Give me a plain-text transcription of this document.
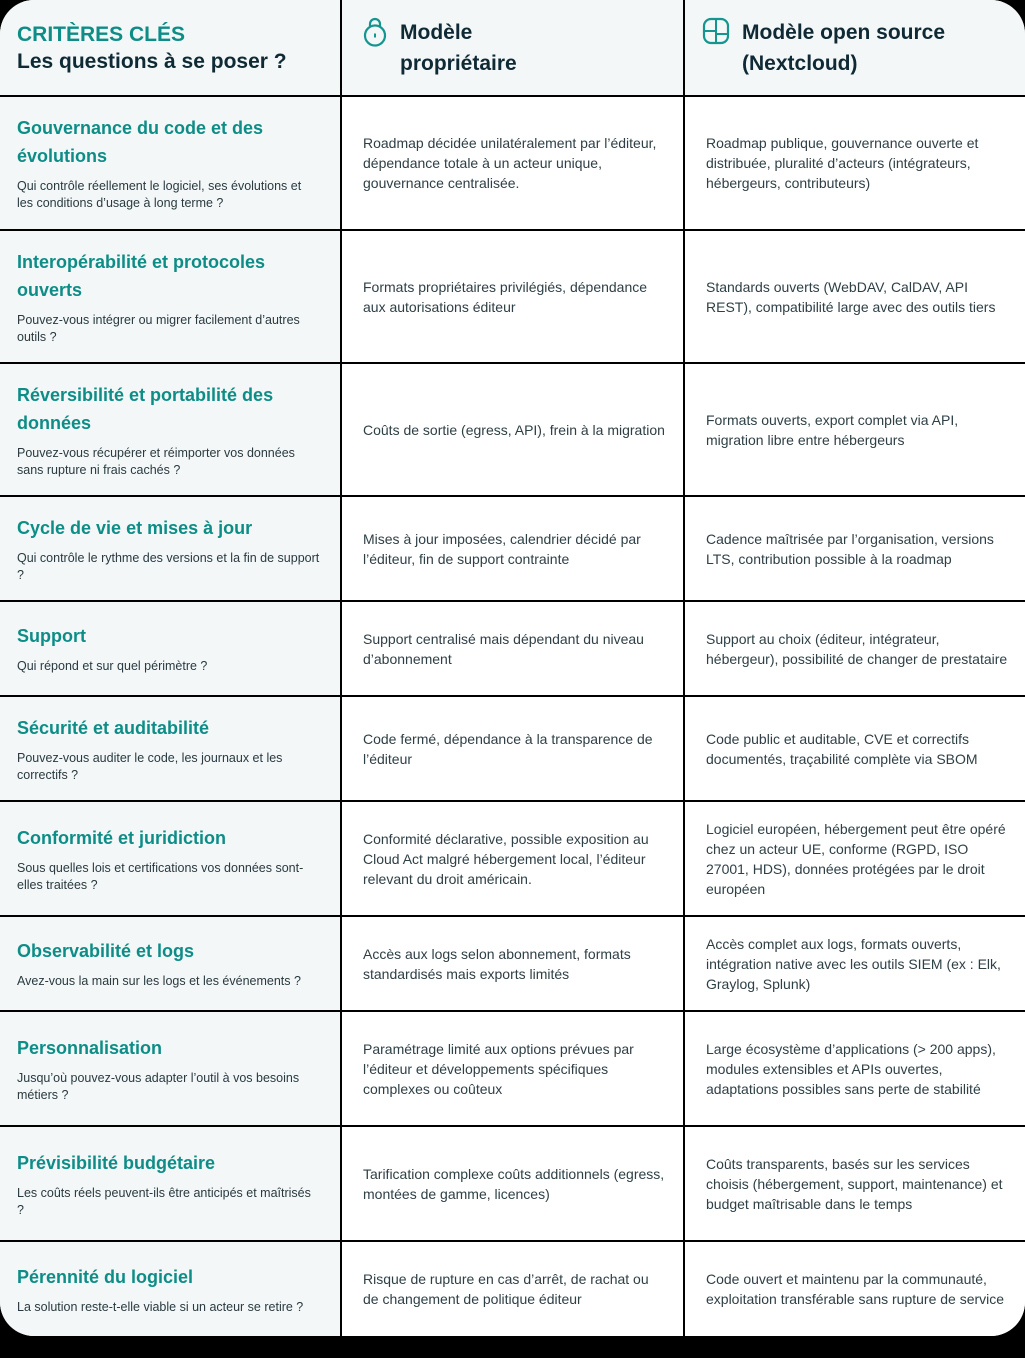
CRITÈRES CLÉS
Les questions à se poser ?
Modèle
propriétaire
Modèle open source
(Nextcloud)
Gouvernance du code et des évolutions
Qui contrôle réellement le logiciel, ses évolutions et les conditions d’usage à long terme ?
Roadmap décidée unilatéralement par l’éditeur, dépendance totale à un acteur unique, gouvernance centralisée.
Roadmap publique, gouvernance ouverte et distribuée, pluralité d’acteurs (intégrateurs, hébergeurs, contributeurs)
Interopérabilité et protocoles ouverts
Pouvez-vous intégrer ou migrer facilement d’autres outils ?
Formats propriétaires privilégiés, dépendance aux autorisations éditeur
Standards ouverts (WebDAV, CalDAV, API REST), compatibilité large avec des outils tiers
Réversibilité et portabilité des données
Pouvez-vous récupérer et réimporter vos données sans rupture ni frais cachés ?
Coûts de sortie (egress, API), frein à la migration
Formats ouverts, export complet via API, migration libre entre hébergeurs
Cycle de vie et mises à jour
Qui contrôle le rythme des versions et la fin de support ?
Mises à jour imposées, calendrier décidé par l’éditeur, fin de support contrainte
Cadence maîtrisée par l’organisation, versions LTS, contribution possible à la roadmap
Support
Qui répond et sur quel périmètre ?
Support centralisé mais dépendant du niveau d’abonnement
Support au choix (éditeur, intégrateur, hébergeur), possibilité de changer de prestataire
Sécurité et auditabilité
Pouvez-vous auditer le code, les journaux et les correctifs ?
Code fermé, dépendance à la transparence de l’éditeur
Code public et auditable, CVE et correctifs documentés, traçabilité complète via SBOM
Conformité et juridiction
Sous quelles lois et certifications vos données sont-elles traitées ?
Conformité déclarative, possible exposition au Cloud Act malgré hébergement local, l’éditeur relevant du droit américain.
Logiciel européen, hébergement peut être opéré chez un acteur UE, conforme (RGPD, ISO 27001, HDS), données protégées par le droit européen
Observabilité et logs
Avez-vous la main sur les logs et les événements ?
Accès aux logs selon abonnement, formats standardisés mais exports limités
Accès complet aux logs, formats ouverts, intégration native avec les outils SIEM (ex : Elk, Graylog, Splunk)
Personnalisation
Jusqu’où pouvez-vous adapter l’outil à vos besoins métiers ?
Paramétrage limité aux options prévues par l’éditeur et développements spécifiques complexes ou coûteux
Large écosystème d’applications (> 200 apps), modules extensibles et APIs ouvertes, adaptations possibles sans perte de stabilité
Prévisibilité budgétaire
Les coûts réels peuvent-ils être anticipés et maîtrisés ?
Tarification complexe coûts additionnels (egress, montées de gamme, licences)
Coûts transparents, basés sur les services choisis (hébergement, support, maintenance) et budget maîtrisable dans le temps
Pérennité du logiciel
La solution reste-t-elle viable si un acteur se retire ?
Risque de rupture en cas d’arrêt, de rachat ou de changement de politique éditeur
Code ouvert et maintenu par la communauté, exploitation transférable sans rupture de service
